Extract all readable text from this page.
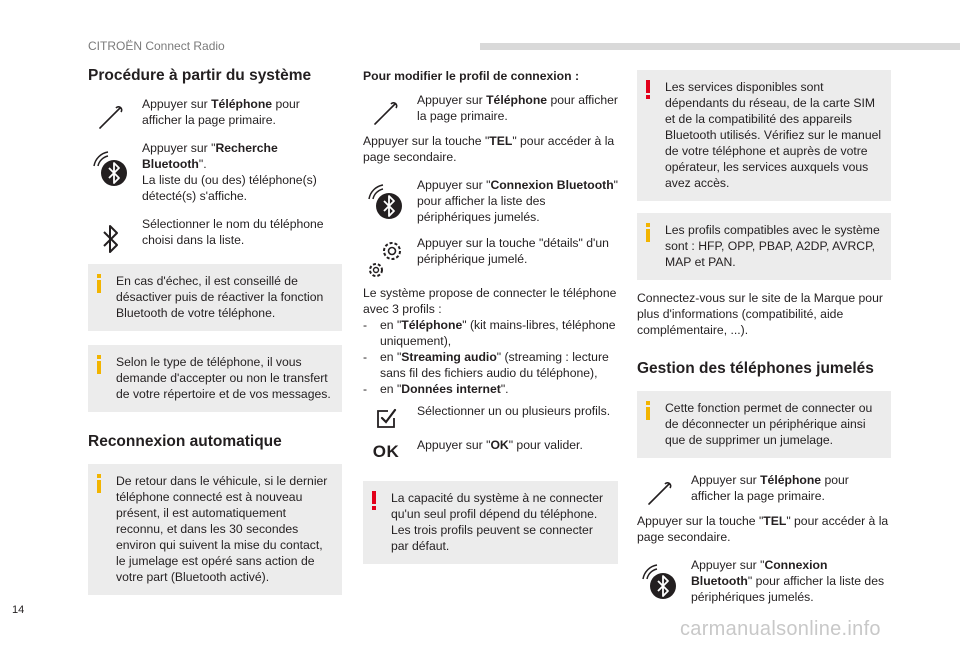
CITROËN Connect Radio
Procédure à partir du système

Appuyer sur Téléphone pour afficher la page primaire.

Appuyer sur "Recherche Bluetooth".

La liste du (ou des) téléphone(s) détecté(s) s'affiche.

Sélectionner le nom du téléphone choisi dans la liste.

En cas d'échec, il est conseillé de désactiver puis de réactiver la fonction Bluetooth de votre téléphone.

Selon le type de téléphone, il vous demande d'accepter ou non le transfert de votre répertoire et de vos messages.

Reconnexion automatique

De retour dans le véhicule, si le dernier téléphone connecté est à nouveau présent, il est automatiquement reconnu, et dans les 30 secondes environ qui suivent la mise du contact, le jumelage est opéré sans action de votre part (Bluetooth activé).

Pour modifier le profil de connexion :

Appuyer sur Téléphone pour afficher la page primaire.

Appuyer sur la touche "TEL" pour accéder à la page secondaire.

Appuyer sur "Connexion Bluetooth" pour afficher la liste des périphériques jumelés.

Appuyer sur la touche "détails" d'un périphérique jumelé.

Le système propose de connecter le téléphone avec 3 profils :

- en "Téléphone" (kit mains-libres, téléphone uniquement),

- en "Streaming audio" (streaming : lecture sans fil des fichiers audio du téléphone),

- en "Données internet".

Sélectionner un ou plusieurs profils.

OK	Appuyer sur "OK" pour valider.

La capacité du système à ne connecter qu'un seul profil dépend du téléphone. Les trois profils peuvent se connecter par défaut.

Les services disponibles sont dépendants du réseau, de la carte SIM et de la compatibilité des appareils Bluetooth utilisés. Vérifiez sur le manuel de votre téléphone et auprès de votre opérateur, les services auxquels vous avez accès.

Les profils compatibles avec le système sont : HFP, OPP, PBAP, A2DP, AVRCP, MAP et PAN.

Connectez-vous sur le site de la Marque pour plus d'informations (compatibilité, aide complémentaire, ...).

Gestion des téléphones jumelés

Cette fonction permet de connecter ou de déconnecter un périphérique ainsi que de supprimer un jumelage.

Appuyer sur Téléphone pour afficher la page primaire.

Appuyer sur la touche "TEL" pour accéder à la page secondaire.

Appuyer sur "Connexion Bluetooth" pour afficher la liste des périphériques jumelés.

14
carmanualsonline.info
